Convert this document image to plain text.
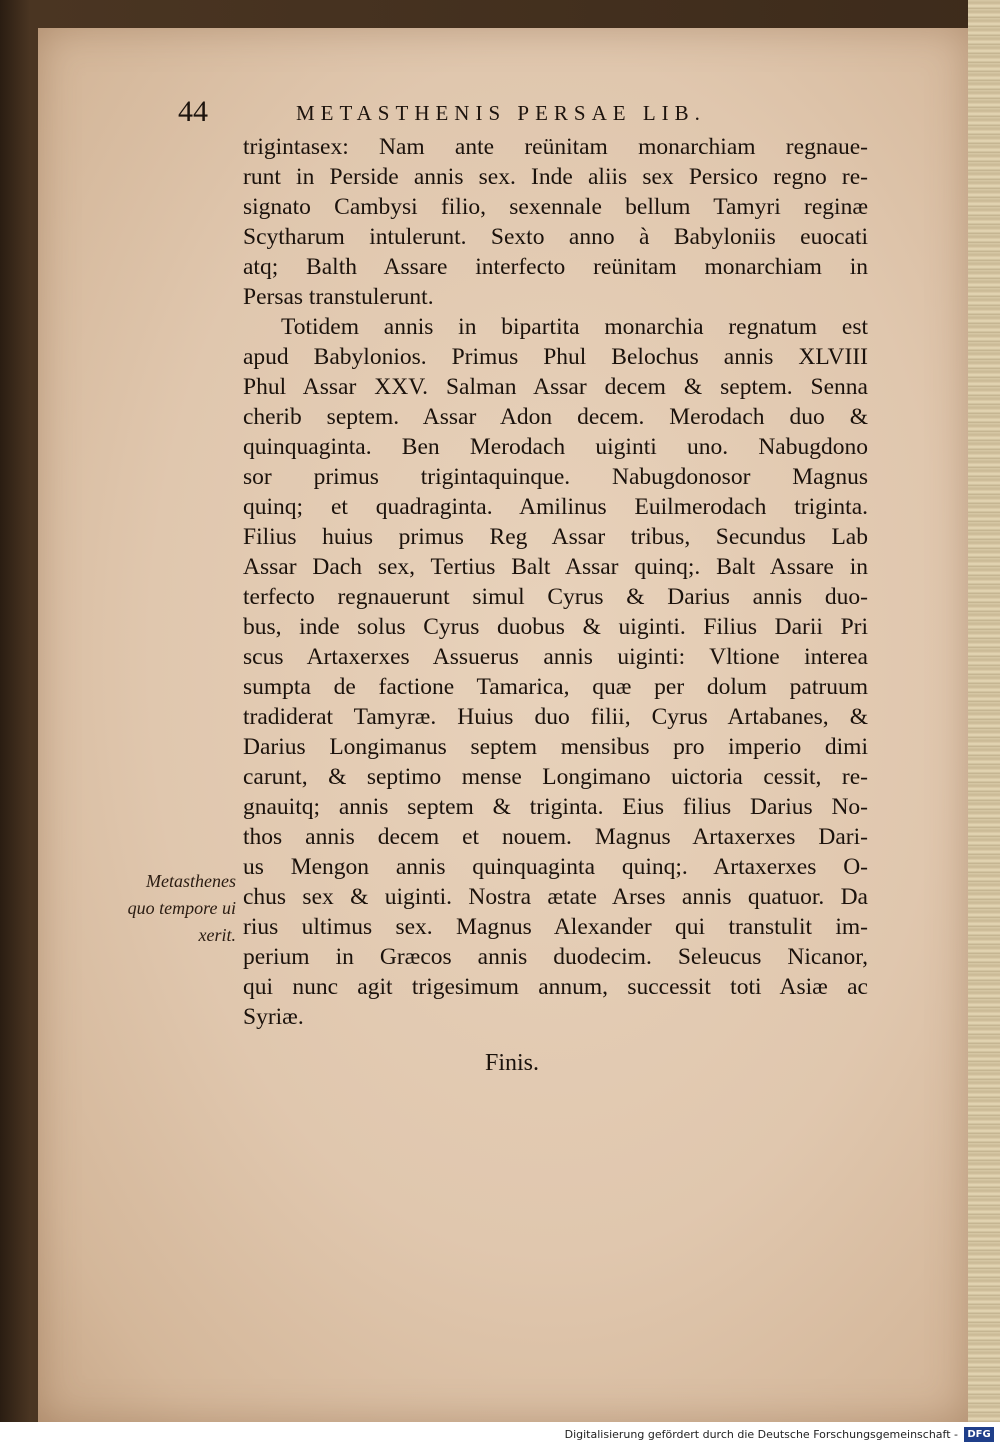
44	METASTHENIS PERSAE LIB.
trigintasex: Nam ante reünitam monarchiam regnaue-
runt in Perside annis sex. Inde aliis sex Persico regno re-
signato Cambysi filio, sexennale bellum Tamyri reginæ
Scytharum intulerunt. Sexto anno à Babyloniis euocati
atq; Balth Assare interfecto reünitam monarchiam in
Persas transtulerunt.
Totidem annis in bipartita monarchia regnatum est
apud Babylonios. Primus Phul Belochus annis XLVIII
Phul Assar XXV. Salman Assar decem & septem. Senna
cherib septem. Assar Adon decem. Merodach duo &
quinquaginta. Ben Merodach uiginti uno. Nabugdono
sor primus trigintaquinque. Nabugdonosor Magnus
quinq; et quadraginta. Amilinus Euilmerodach triginta.
Filius huius primus Reg Assar tribus, Secundus Lab
Assar Dach sex, Tertius Balt Assar quinq;. Balt Assare in
terfecto regnauerunt simul Cyrus & Darius annis duo-
bus, inde solus Cyrus duobus & uiginti. Filius Darii Pri
scus Artaxerxes Assuerus annis uiginti: Vltione interea
sumpta de factione Tamarica, quæ per dolum patruum
tradiderat Tamyræ. Huius duo filii, Cyrus Artabanes, &
Darius Longimanus septem mensibus pro imperio dimi
carunt, & septimo mense Longimano uictoria cessit, re-
gnauitq; annis septem & triginta. Eius filius Darius No-
thos annis decem et nouem. Magnus Artaxerxes Dari-
us Mengon annis quinquaginta quinq;. Artaxerxes O-
chus sex & uiginti. Nostra ætate Arses annis quatuor. Da
rius ultimus sex. Magnus Alexander qui transtulit im-
perium in Græcos annis duodecim. Seleucus Nicanor,
qui nunc agit trigesimum annum, successit toti Asiæ ac
Syriæ.
Finis.
Metasthenes
quo tempore ui
xerit.
Digitalisierung gefördert durch die Deutsche Forschungsgemeinschaft - DFG
